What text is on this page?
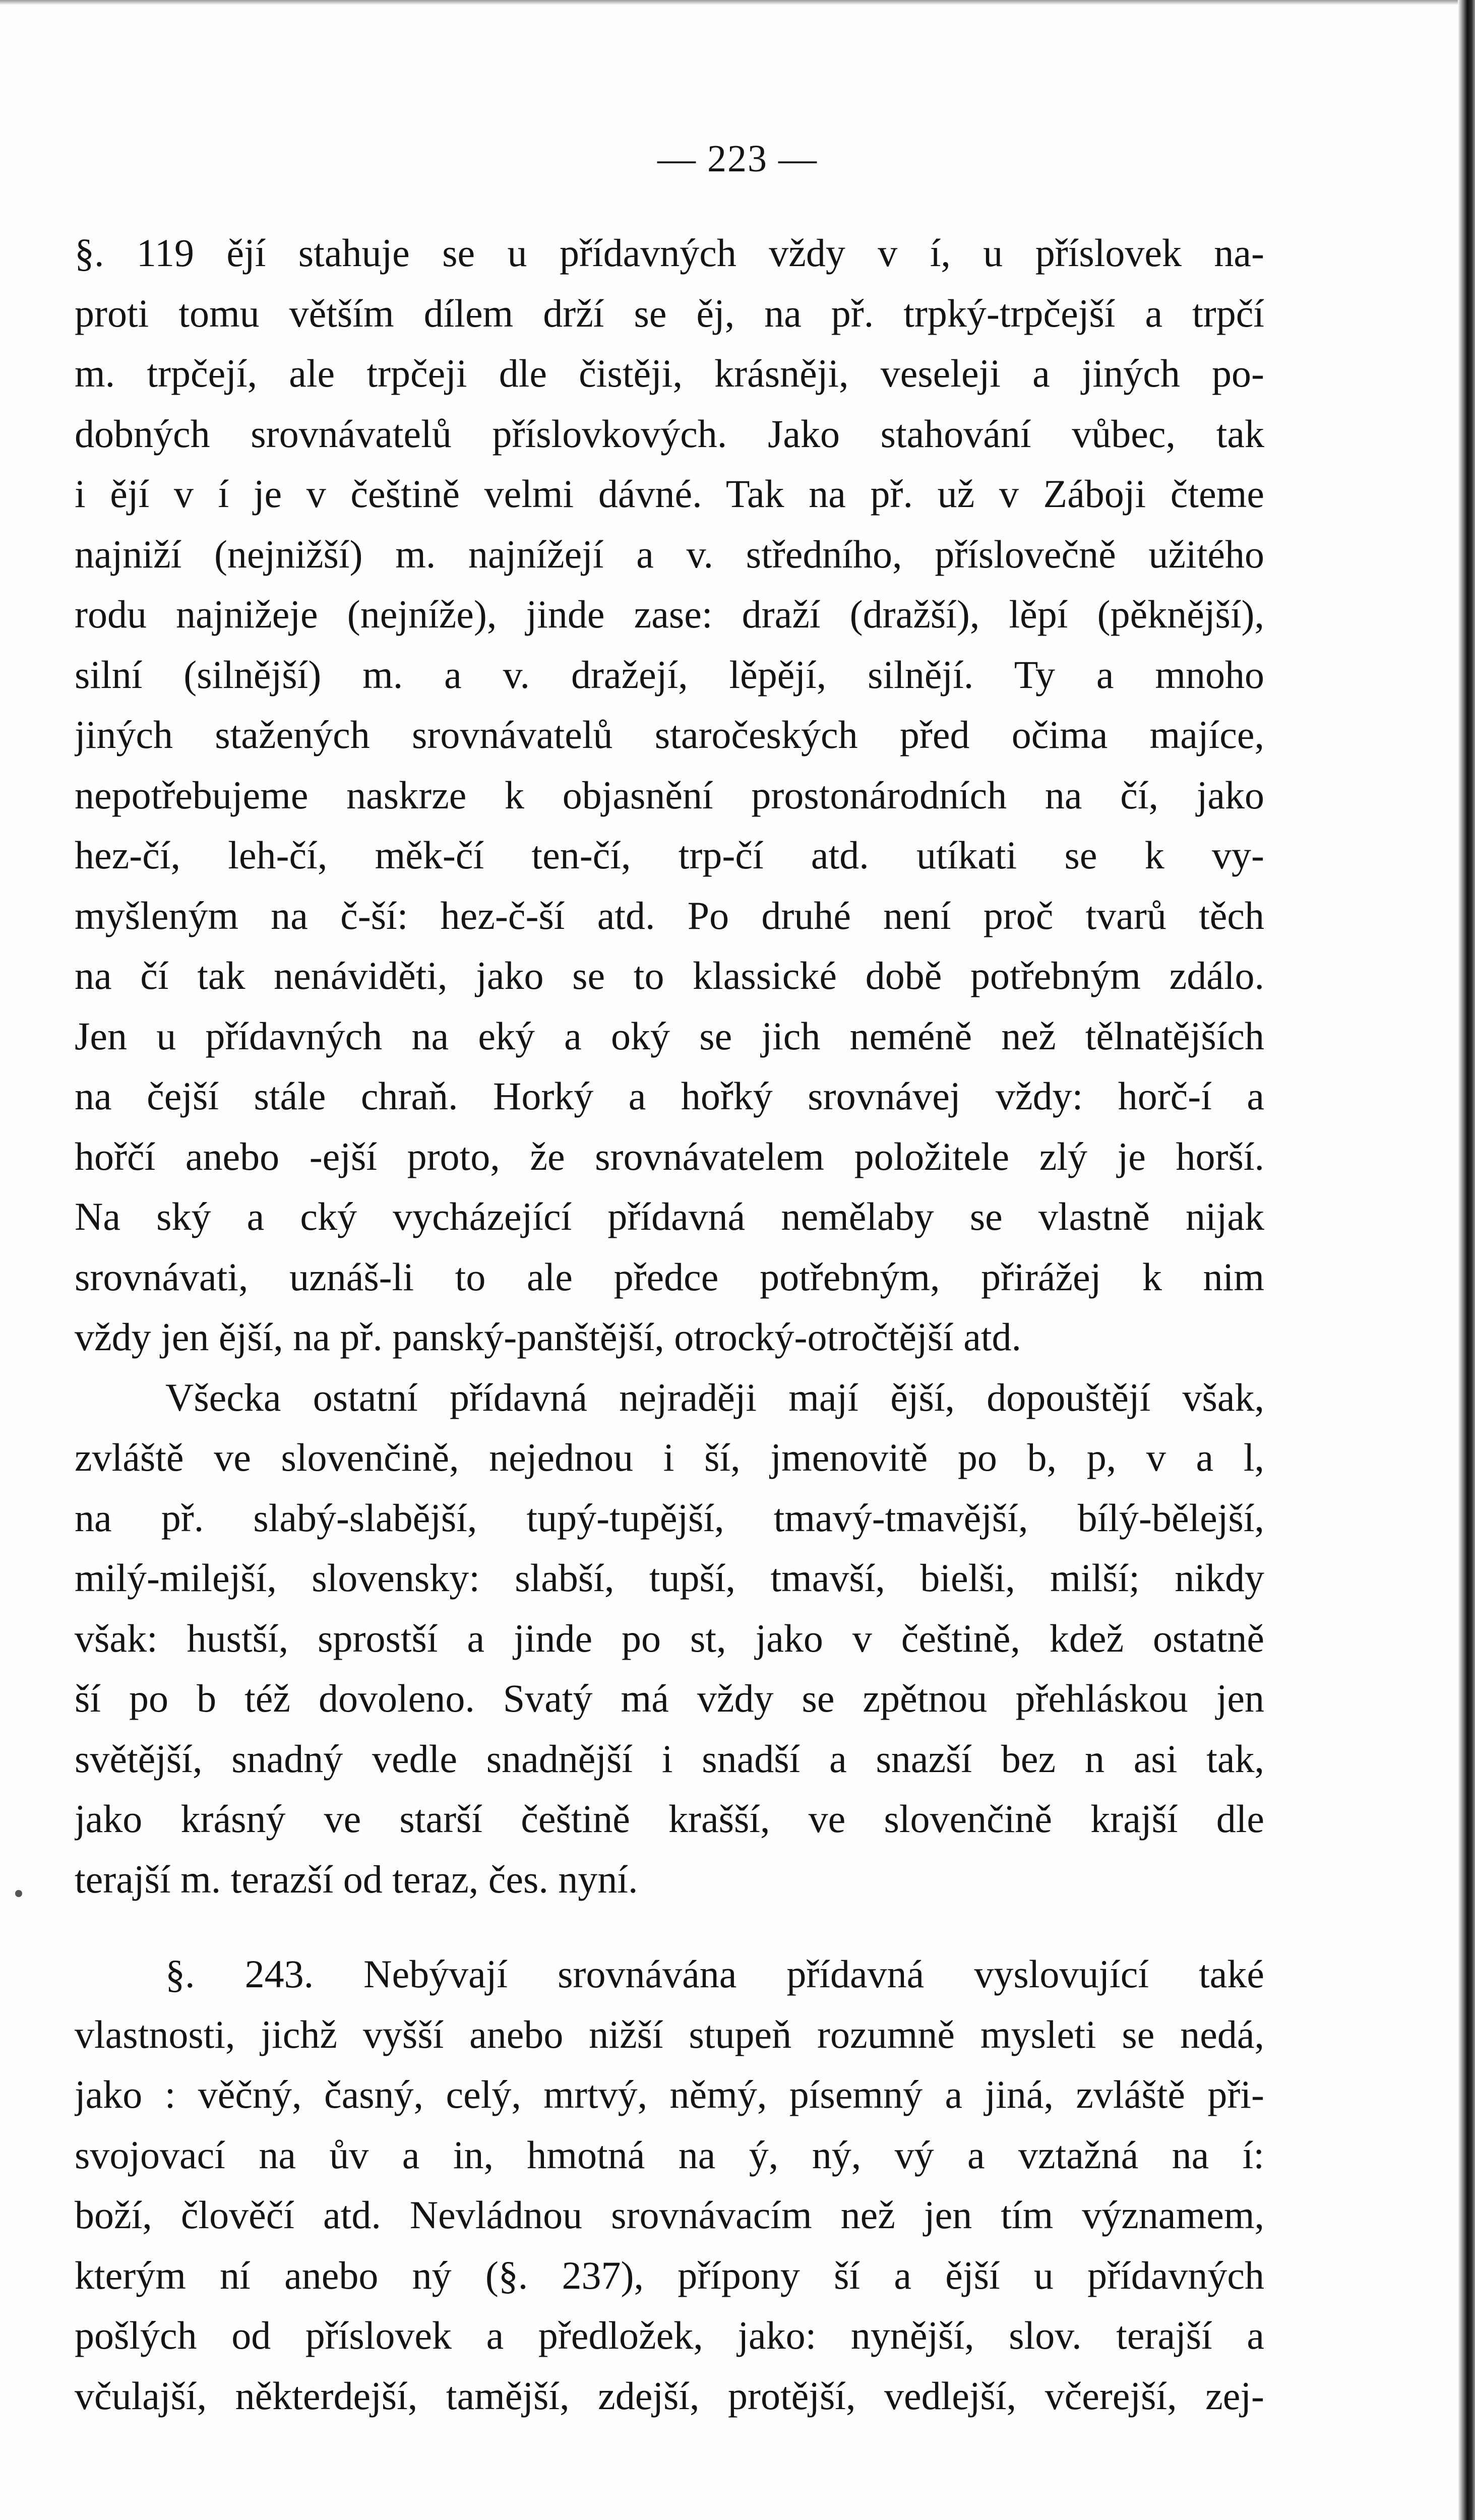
— 223 —
§. 119 ějí stahuje se u přídavných vždy v í, u příslovek na-
proti tomu větším dílem drží se ěj, na př. trpký-trpčejší a trpčí
m. trpčejí, ale trpčeji dle čistěji, krásněji, veseleji a jiných po-
dobných srovnávatelů příslovkových. Jako stahování vůbec, tak
i ějí v í je v češtině velmi dávné. Tak na př. už v Záboji čteme
najniží (nejnižší) m. najnížejí a v. středního, příslovečně užitého
rodu najnižeje (nejníže), jinde zase: draží (dražší), lěpí (pěknější),
silní (silnější) m. a v. dražejí, lěpějí, silnějí. Ty a mnoho
jiných stažených srovnávatelů staročeských před očima majíce,
nepotřebujeme naskrze k objasnění prostonárodních na čí, jako
hez-čí, leh-čí, měk-čí ten-čí, trp-čí atd. utíkati se k vy-
myšleným na č-ší: hez-č-ší atd. Po druhé není proč tvarů těch
na čí tak nenáviděti, jako se to klassické době potřebným zdálo.
Jen u přídavných na eký a oký se jich neméně než tělnatějších
na čejší stále chraň. Horký a hořký srovnávej vždy: horč-í a
hořčí anebo -ejší proto, že srovnávatelem položitele zlý je horší.
Na ský a cký vycházející přídavná nemělaby se vlastně nijak
srovnávati, uznáš-li to ale předce potřebným, přirážej k nim
vždy jen ější, na př. panský-panštější, otrocký-otročtější atd.
Všecka ostatní přídavná nejraději mají ější, dopouštějí však,
zvláště ve slovenčině, nejednou i ší, jmenovitě po b, p, v a l,
na př. slabý-slabější, tupý-tupější, tmavý-tmavější, bílý-bělejší,
milý-milejší, slovensky: slabší, tupší, tmavší, bielši, milší; nikdy
však: hustší, sprostší a jinde po st, jako v češtině, kdež ostatně
ší po b též dovoleno. Svatý má vždy se zpětnou přehláskou jen
světější, snadný vedle snadnější i snadší a snazší bez n asi tak,
jako krásný ve starší češtině krašší, ve slovenčině krajší dle
terajší m. terazší od teraz, čes. nyní.
§. 243. Nebývají srovnávána přídavná vyslovující také
vlastnosti, jichž vyšší anebo nižší stupeň rozumně mysleti se nedá,
jako : věčný, časný, celý, mrtvý, němý, písemný a jiná, zvláště při-
svojovací na ův a in, hmotná na ý, ný, vý a vztažná na í:
boží, člověčí atd. Nevládnou srovnávacím než jen tím významem,
kterým ní anebo ný (§. 237), přípony ší a ější u přídavných
pošlých od příslovek a předložek, jako: nynější, slov. terajší a
včulajší, některdejší, tamější, zdejší, protější, vedlejší, včerejší, zej-
